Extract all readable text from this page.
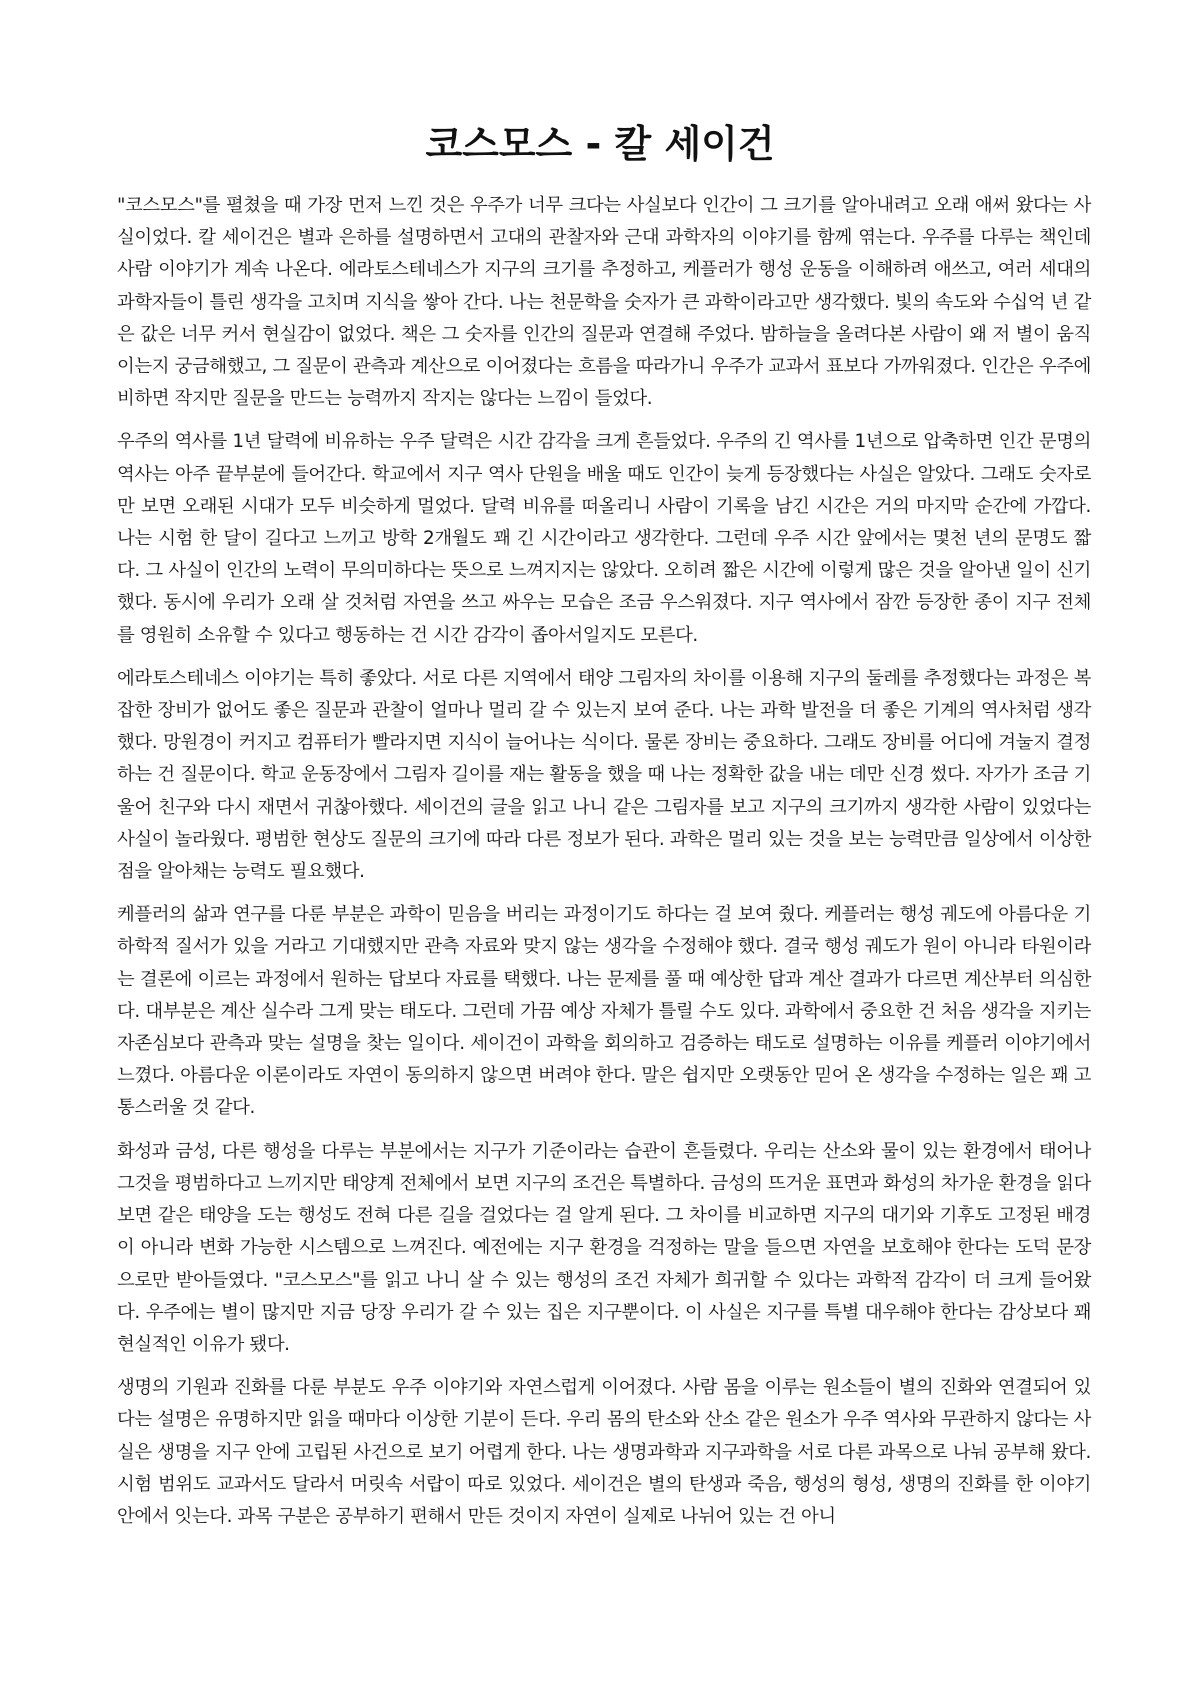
코스모스 - 칼 세이건

"코스모스"를 펼쳤을 때 가장 먼저 느낀 것은 우주가 너무 크다는 사실보다 인간이 그 크기를 알아내려고 오래 애써 왔다는 사실이었다. 칼 세이건은 별과 은하를 설명하면서 고대의 관찰자와 근대 과학자의 이야기를 함께 엮는다. 우주를 다루는 책인데 사람 이야기가 계속 나온다. 에라토스테네스가 지구의 크기를 추정하고, 케플러가 행성 운동을 이해하려 애쓰고, 여러 세대의 과학자들이 틀린 생각을 고치며 지식을 쌓아 간다. 나는 천문학을 숫자가 큰 과학이라고만 생각했다. 빛의 속도와 수십억 년 같은 값은 너무 커서 현실감이 없었다. 책은 그 숫자를 인간의 질문과 연결해 주었다. 밤하늘을 올려다본 사람이 왜 저 별이 움직이는지 궁금해했고, 그 질문이 관측과 계산으로 이어졌다는 흐름을 따라가니 우주가 교과서 표보다 가까워졌다. 인간은 우주에 비하면 작지만 질문을 만드는 능력까지 작지는 않다는 느낌이 들었다.

우주의 역사를 1년 달력에 비유하는 우주 달력은 시간 감각을 크게 흔들었다. 우주의 긴 역사를 1년으로 압축하면 인간 문명의 역사는 아주 끝부분에 들어간다. 학교에서 지구 역사 단원을 배울 때도 인간이 늦게 등장했다는 사실은 알았다. 그래도 숫자로만 보면 오래된 시대가 모두 비슷하게 멀었다. 달력 비유를 떠올리니 사람이 기록을 남긴 시간은 거의 마지막 순간에 가깝다. 나는 시험 한 달이 길다고 느끼고 방학 2개월도 꽤 긴 시간이라고 생각한다. 그런데 우주 시간 앞에서는 몇천 년의 문명도 짧다. 그 사실이 인간의 노력이 무의미하다는 뜻으로 느껴지지는 않았다. 오히려 짧은 시간에 이렇게 많은 것을 알아낸 일이 신기했다. 동시에 우리가 오래 살 것처럼 자연을 쓰고 싸우는 모습은 조금 우스워졌다. 지구 역사에서 잠깐 등장한 종이 지구 전체를 영원히 소유할 수 있다고 행동하는 건 시간 감각이 좁아서일지도 모른다.

에라토스테네스 이야기는 특히 좋았다. 서로 다른 지역에서 태양 그림자의 차이를 이용해 지구의 둘레를 추정했다는 과정은 복잡한 장비가 없어도 좋은 질문과 관찰이 얼마나 멀리 갈 수 있는지 보여 준다. 나는 과학 발전을 더 좋은 기계의 역사처럼 생각했다. 망원경이 커지고 컴퓨터가 빨라지면 지식이 늘어나는 식이다. 물론 장비는 중요하다. 그래도 장비를 어디에 겨눌지 결정하는 건 질문이다. 학교 운동장에서 그림자 길이를 재는 활동을 했을 때 나는 정확한 값을 내는 데만 신경 썼다. 자가가 조금 기울어 친구와 다시 재면서 귀찮아했다. 세이건의 글을 읽고 나니 같은 그림자를 보고 지구의 크기까지 생각한 사람이 있었다는 사실이 놀라웠다. 평범한 현상도 질문의 크기에 따라 다른 정보가 된다. 과학은 멀리 있는 것을 보는 능력만큼 일상에서 이상한 점을 알아채는 능력도 필요했다.

케플러의 삶과 연구를 다룬 부분은 과학이 믿음을 버리는 과정이기도 하다는 걸 보여 줬다. 케플러는 행성 궤도에 아름다운 기하학적 질서가 있을 거라고 기대했지만 관측 자료와 맞지 않는 생각을 수정해야 했다. 결국 행성 궤도가 원이 아니라 타원이라는 결론에 이르는 과정에서 원하는 답보다 자료를 택했다. 나는 문제를 풀 때 예상한 답과 계산 결과가 다르면 계산부터 의심한다. 대부분은 계산 실수라 그게 맞는 태도다. 그런데 가끔 예상 자체가 틀릴 수도 있다. 과학에서 중요한 건 처음 생각을 지키는 자존심보다 관측과 맞는 설명을 찾는 일이다. 세이건이 과학을 회의하고 검증하는 태도로 설명하는 이유를 케플러 이야기에서 느꼈다. 아름다운 이론이라도 자연이 동의하지 않으면 버려야 한다. 말은 쉽지만 오랫동안 믿어 온 생각을 수정하는 일은 꽤 고통스러울 것 같다.

화성과 금성, 다른 행성을 다루는 부분에서는 지구가 기준이라는 습관이 흔들렸다. 우리는 산소와 물이 있는 환경에서 태어나 그것을 평범하다고 느끼지만 태양계 전체에서 보면 지구의 조건은 특별하다. 금성의 뜨거운 표면과 화성의 차가운 환경을 읽다 보면 같은 태양을 도는 행성도 전혀 다른 길을 걸었다는 걸 알게 된다. 그 차이를 비교하면 지구의 대기와 기후도 고정된 배경이 아니라 변화 가능한 시스템으로 느껴진다. 예전에는 지구 환경을 걱정하는 말을 들으면 자연을 보호해야 한다는 도덕 문장으로만 받아들였다. "코스모스"를 읽고 나니 살 수 있는 행성의 조건 자체가 희귀할 수 있다는 과학적 감각이 더 크게 들어왔다. 우주에는 별이 많지만 지금 당장 우리가 갈 수 있는 집은 지구뿐이다. 이 사실은 지구를 특별 대우해야 한다는 감상보다 꽤 현실적인 이유가 됐다.

생명의 기원과 진화를 다룬 부분도 우주 이야기와 자연스럽게 이어졌다. 사람 몸을 이루는 원소들이 별의 진화와 연결되어 있다는 설명은 유명하지만 읽을 때마다 이상한 기분이 든다. 우리 몸의 탄소와 산소 같은 원소가 우주 역사와 무관하지 않다는 사실은 생명을 지구 안에 고립된 사건으로 보기 어렵게 한다. 나는 생명과학과 지구과학을 서로 다른 과목으로 나눠 공부해 왔다. 시험 범위도 교과서도 달라서 머릿속 서랍이 따로 있었다. 세이건은 별의 탄생과 죽음, 행성의 형성, 생명의 진화를 한 이야기 안에서 잇는다. 과목 구분은 공부하기 편해서 만든 것이지 자연이 실제로 나뉘어 있는 건 아니
